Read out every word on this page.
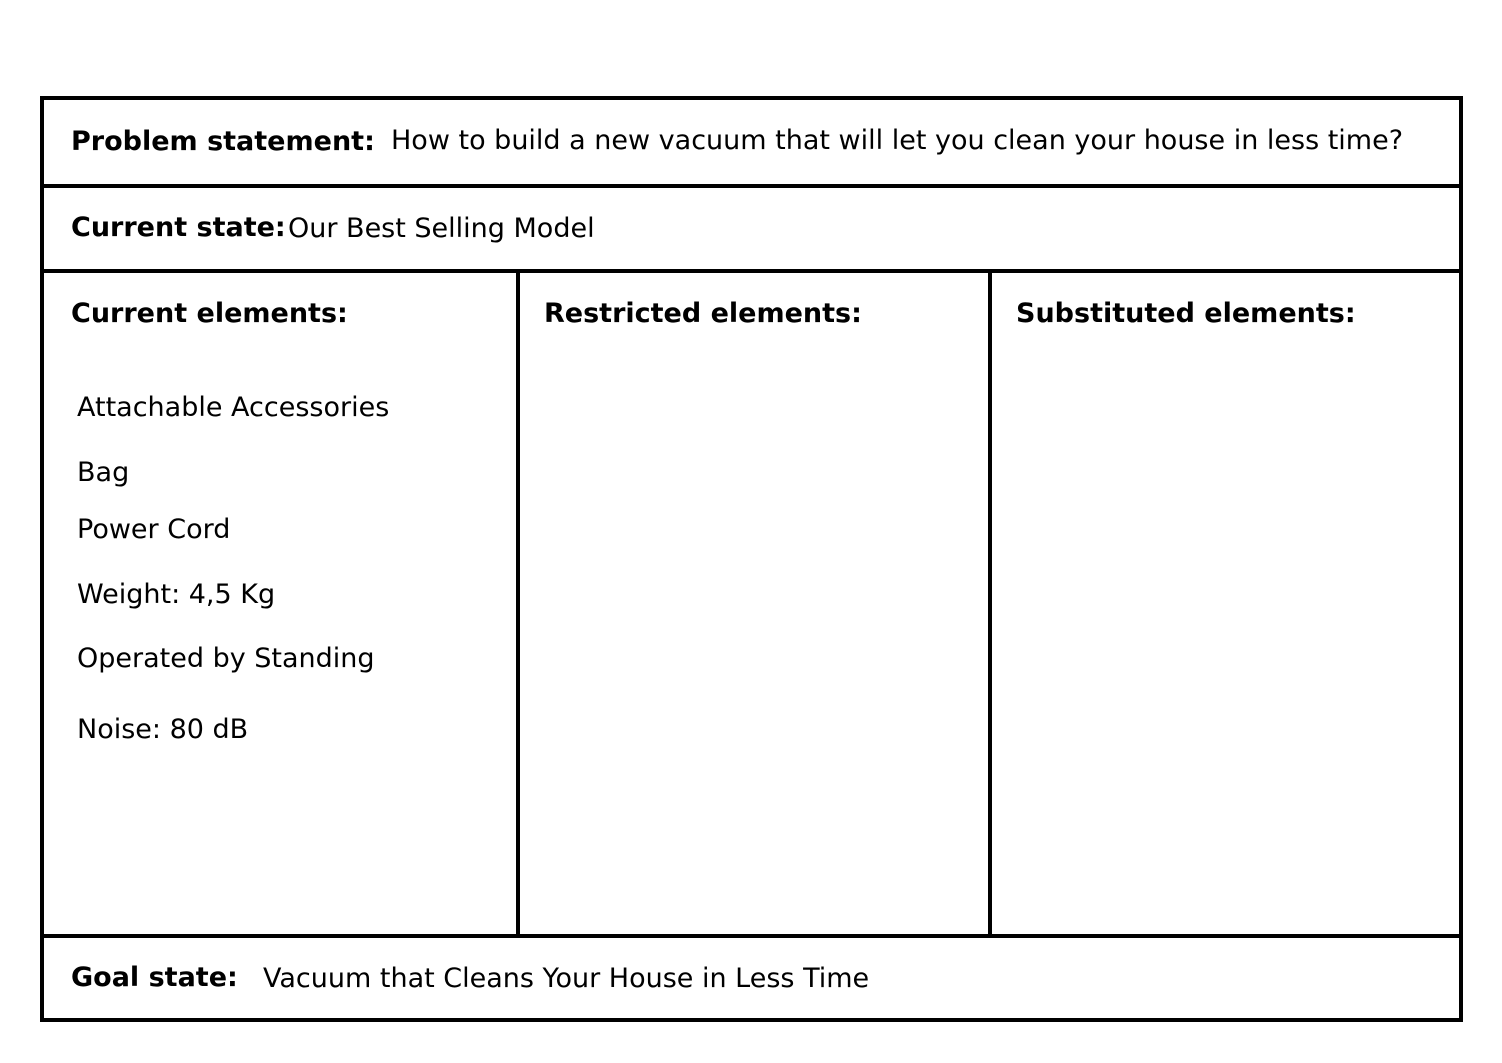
Problem statement: How to build a new vacuum that will let you clean your house in less time?
Current state: Our Best Selling Model
Current elements:	Restricted elements:	Substituted elements:
Attachable Accessories
Bag
Power Cord
Weight: 4,5 Kg
Operated by Standing
Noise: 80 dB
Goal state: Vacuum that Cleans Your House in Less Time
